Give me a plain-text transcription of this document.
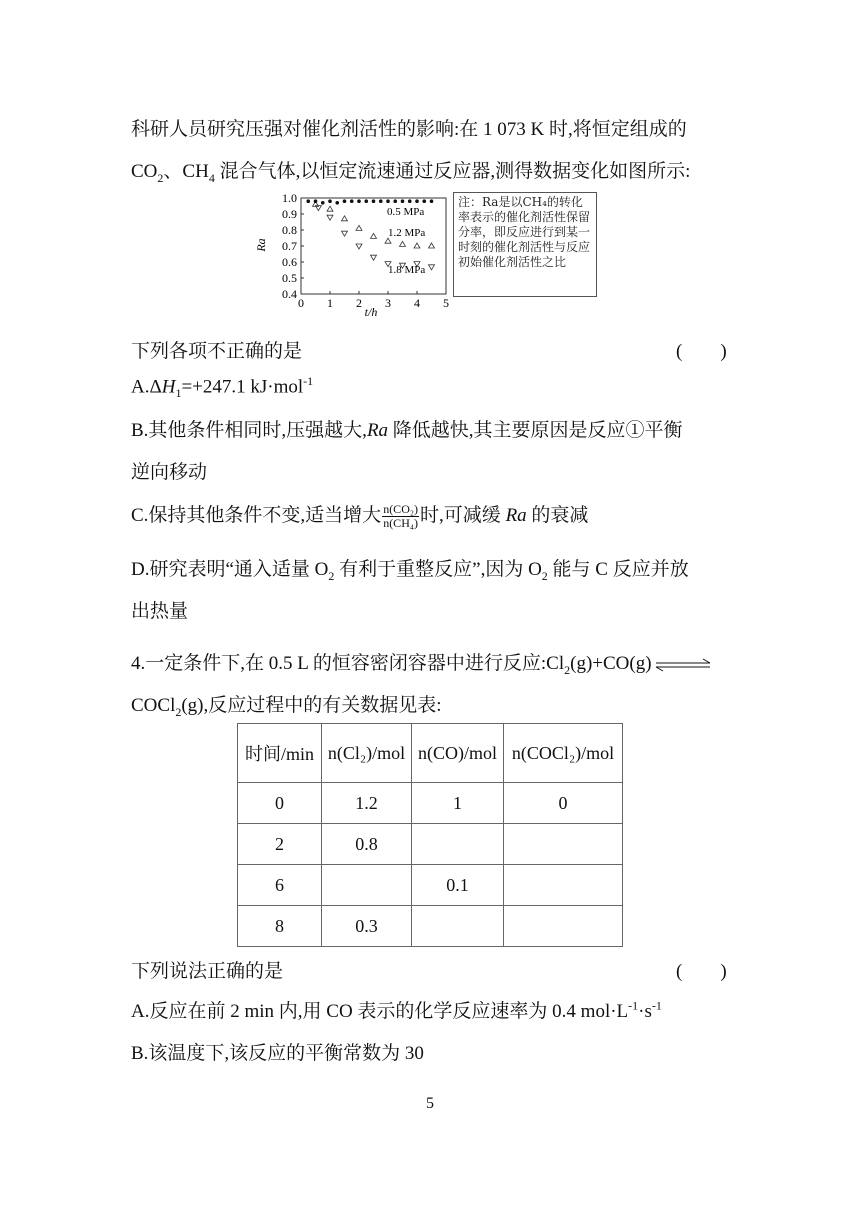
科研人员研究压强对催化剂活性的影响:在 1 073 K 时,将恒定组成的
$CO_2$、$CH_4$ 混合气体,以恒定流速通过反应器,测得数据变化如图所示:
5
4
3
2
1
0
0.4
0.5
0.6
0.7
0.8
0.9
1.0
Ra
t/h
0.5 MPa
1.2 MPa
1.8 MPa
注：Ra是以CH₄的转化率表示的催化剂活性保留分率，即反应进行到某一时刻的催化剂活性与反应初始催化剂活性之比
下列各项不正确的是	(　　)
$A.\Delta H_1=+247.1$ kJ·mol$^{-1}$
B.其他条件相同时,压强越大,Ra 降低越快,其主要原因是反应①平衡
逆向移动
C.保持其他条件不变,适当增大 $\frac{\text{n(CO₂)}}{\text{n(CH₄)}}$ 时,可减缓 Ra 的衰减
D.研究表明“通入适量 $O_2$ 有利于重整反应”,因为 $O_2$ 能与 C 反应并放
出热量
4.一定条件下,在 0.5 L 的恒容密闭容器中进行反应$:Cl_2(g)+CO(g)$ ⇌
COCl$_2$(g),反应过程中的有关数据见表:
时间/min	n(Cl₂)/mol	n(CO)/mol	n(COCl₂)/mol
0	1.2	1	0
2	0.8		
6		0.1	
8	0.3		
下列说法正确的是	(　　)
A.反应在前 2 min 内,用 CO 表示的化学反应速率为 0.4 $mol\cdot L^{-1}\cdot s^{-1}$
B.该温度下,该反应的平衡常数为 30
5
